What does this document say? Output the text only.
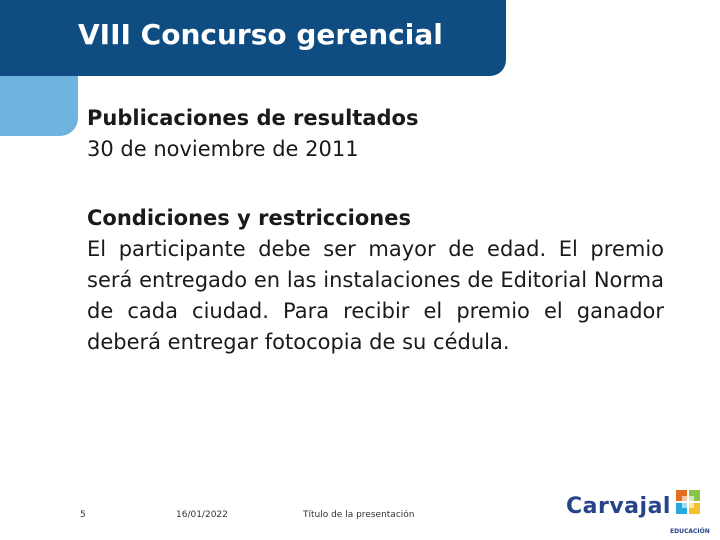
VIII Concurso gerencial
Publicaciones de resultados
30 de noviembre de 2011
Condiciones y restricciones
El participante debe ser mayor de edad. El premio será entregado en las instalaciones de Editorial Norma de cada ciudad. Para recibir el premio el ganador deberá entregar fotocopia de su cédula.
5	16/01/2022	Título de la presentación	Carvajal
EDUCACIÓN
